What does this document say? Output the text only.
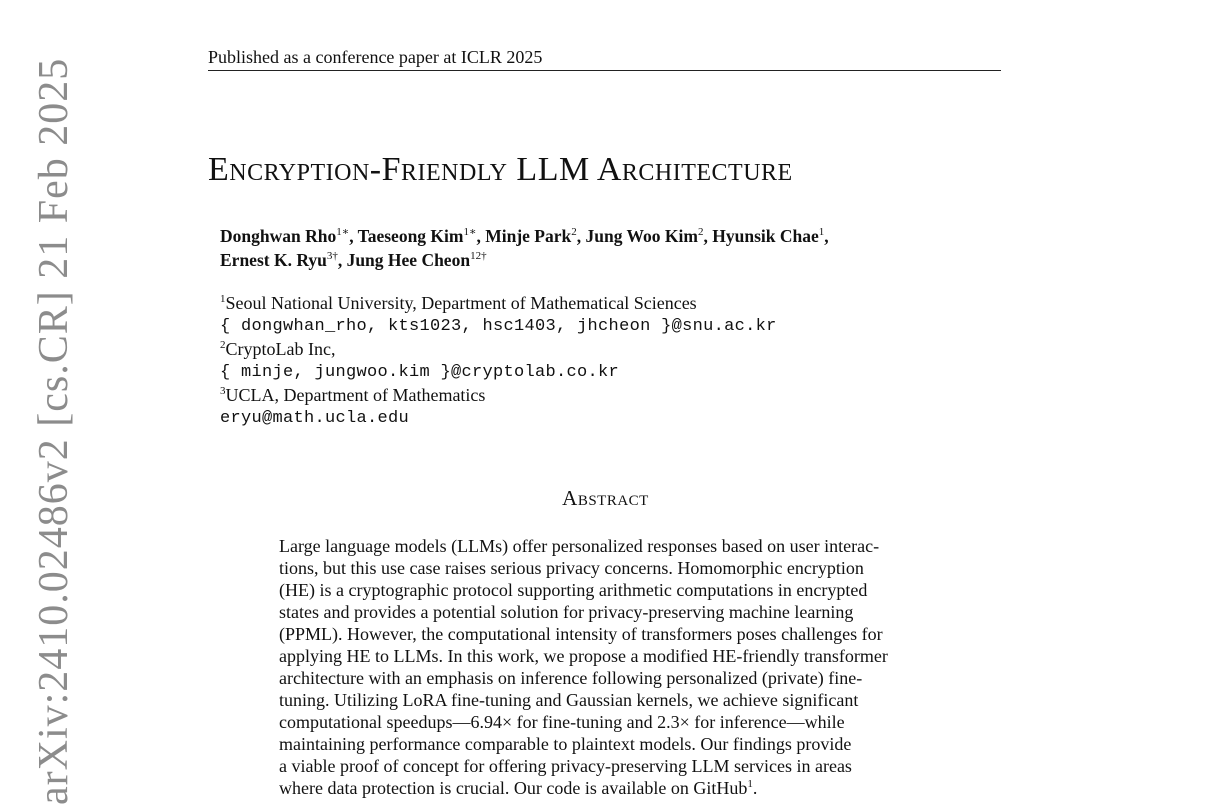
Published as a conference paper at ICLR 2025
Encryption-Friendly LLM Architecture
Donghwan Rho$^{1∗}$, Taeseong Kim$^{1∗}$, Minje Park$^2$, Jung Woo Kim$^2$, Hyunsik Chae$^1$,
Ernest K. Ryu$^{3\dagger}$, Jung Hee Cheon$^{12\dagger}$
$^1$Seoul National University, Department of Mathematical Sciences
{ dongwhan_rho, kts1023, hsc1403, jhcheon }@snu.ac.kr
$^2$CryptoLab Inc,
{ minje, jungwoo.kim }@cryptolab.co.kr
$^3$UCLA, Department of Mathematics
eryu@math.ucla.edu
Abstract
Large language models (LLMs) offer personalized responses based on user interac-
tions, but this use case raises serious privacy concerns. Homomorphic encryption
(HE) is a cryptographic protocol supporting arithmetic computations in encrypted
states and provides a potential solution for privacy-preserving machine learning
(PPML). However, the computational intensity of transformers poses challenges for
applying HE to LLMs. In this work, we propose a modified HE-friendly transformer
architecture with an emphasis on inference following personalized (private) fine-
tuning. Utilizing LoRA fine-tuning and Gaussian kernels, we achieve significant
computational speedups—6.94× for fine-tuning and 2.3× for inference—while
maintaining performance comparable to plaintext models. Our findings provide
a viable proof of concept for offering privacy-preserving LLM services in areas
where data protection is crucial. Our code is available on GitHub$^1$.
arXiv:2410.02486v2 [cs.CR] 21 Feb 2025
